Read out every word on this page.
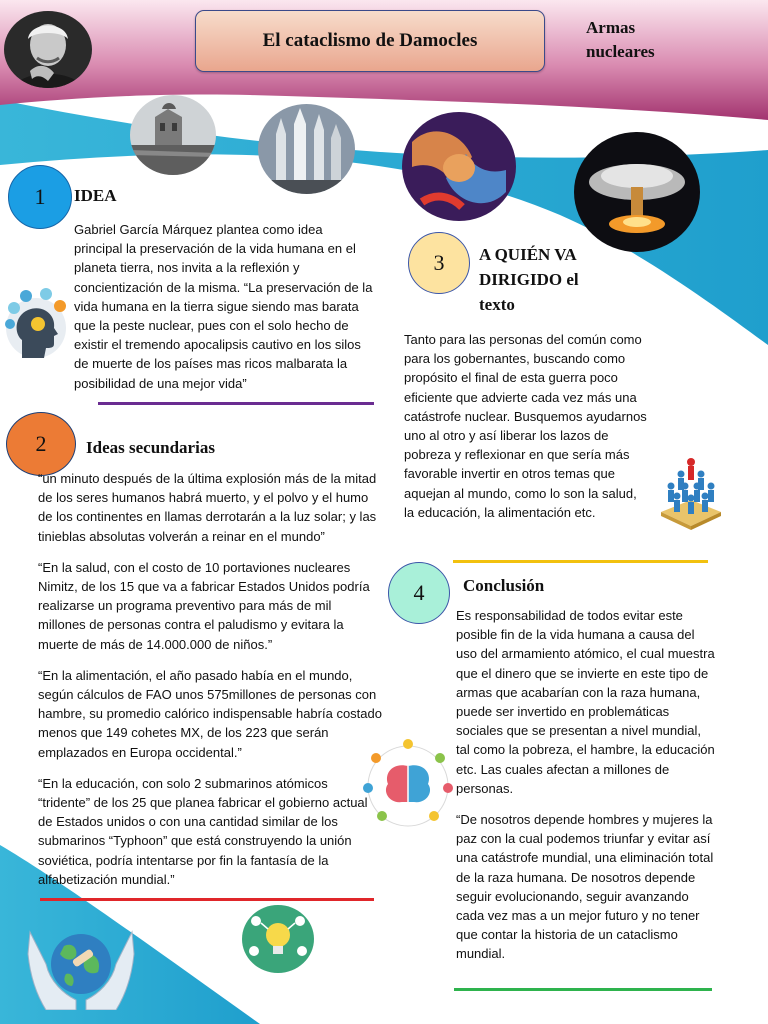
El cataclismo de Damocles
Armas nucleares
1 IDEA
Gabriel García Márquez plantea como idea principal la preservación de la vida humana en el planeta tierra, nos invita a la reflexión y concientización de la misma. “La preservación de la vida humana en la tierra sigue siendo mas barata que la peste nuclear, pues con el solo hecho de existir el tremendo apocalipsis cautivo en los silos de muerte de los países mas ricos malbarata la posibilidad de una mejor vida”
2 Ideas secundarias

“un minuto después de la última explosión más de la mitad de los seres humanos habrá muerto, y el polvo y el humo de los continentes en llamas derrotarán a la luz solar; y las tinieblas absolutas volverán a reinar en el mundo”

“En la salud, con el costo de 10 portaviones nucleares Nimitz, de los 15 que va a fabricar Estados Unidos podría realizarse un programa preventivo para más de mil millones de personas contra el paludismo y evitara la muerte de más de 14.000.000 de niños.”

“En la alimentación, el año pasado había en el mundo, según cálculos de FAO unos 575millones de personas con hambre, su promedio calórico indispensable habría costado menos que 149 cohetes MX, de los 223 que serán emplazados en Europa occidental.”

“En la educación, con solo 2 submarinos atómicos “tridente” de los 25 que planea fabricar el gobierno actual de Estados unidos o con una cantidad similar de los submarinos “Typhoon” que está construyendo la unión soviética, podría intentarse por fin la fantasía de la alfabetización mundial.”

3 A QUIÉN VA
DIRIGIDO el
texto
Tanto para las personas del común como para los gobernantes, buscando como propósito el final de esta guerra poco eficiente que advierte cada vez más una catástrofe nuclear. Busquemos ayudarnos uno al otro y así liberar los lazos de pobreza y reflexionar en que sería más favorable invertir en otros temas que aquejan al mundo, como lo son la salud, la educación, la alimentación etc.
4 Conclusión

Es responsabilidad de todos evitar este posible fin de la vida humana a causa del uso del armamiento atómico, el cual muestra que el dinero que se invierte en este tipo de armas que acabarían con la raza humana, puede ser invertido en problemáticas sociales que se presentan a nivel mundial, tal como la pobreza, el hambre, la educación etc. Las cuales afectan a millones de personas.

“De nosotros depende hombres y mujeres la paz con la cual podemos triunfar y evitar así una catástrofe mundial, una eliminación total de la raza humana. De nosotros depende seguir evolucionando, seguir avanzando cada vez mas a un mejor futuro y no tener que contar la historia de un cataclismo mundial.
